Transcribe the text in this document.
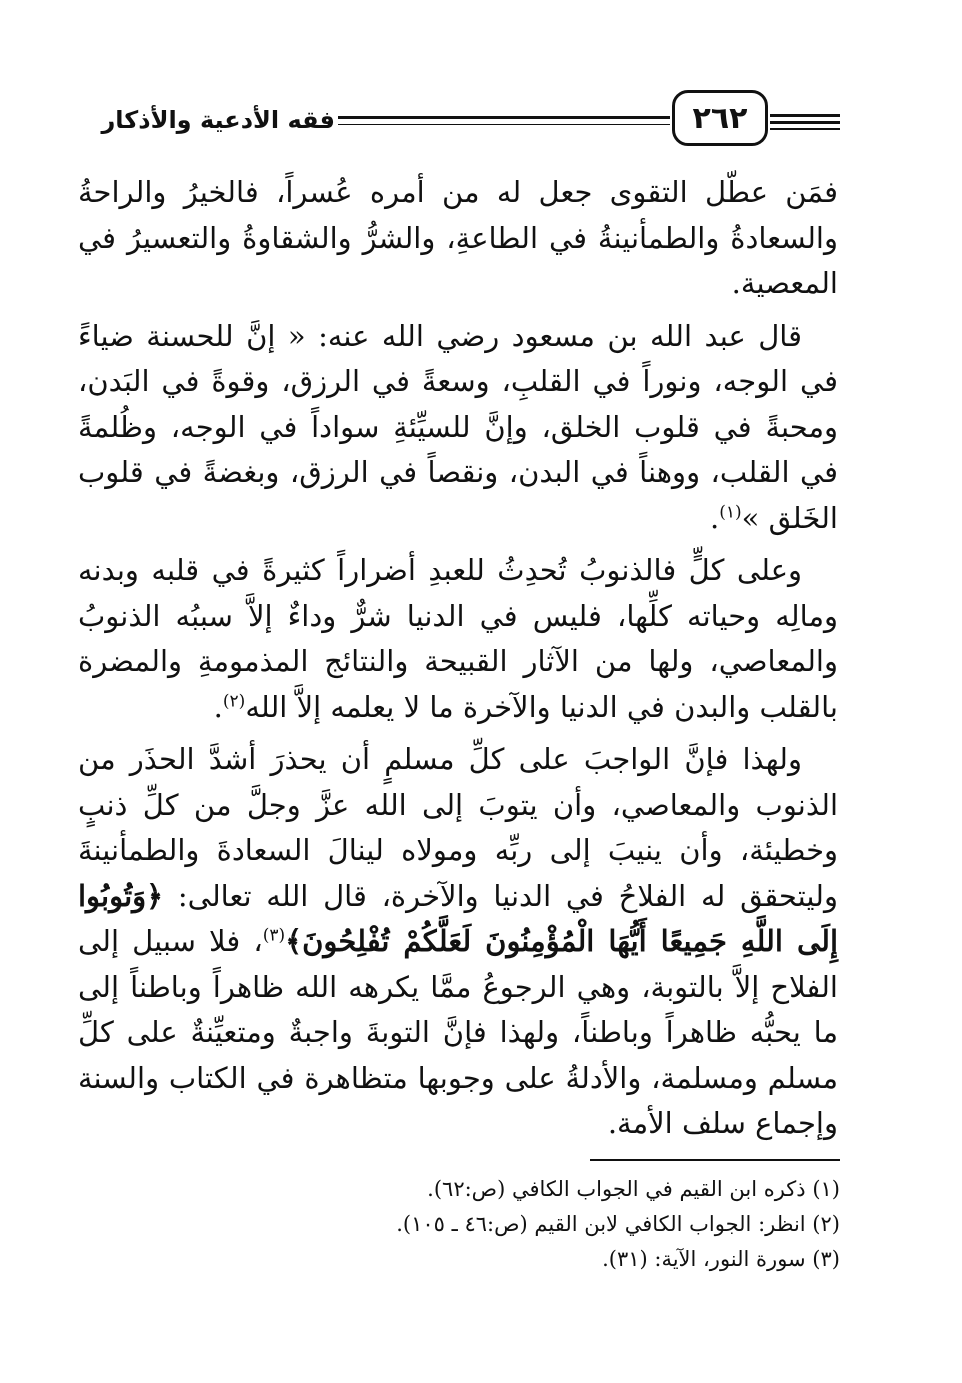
فقه الأدعية والأذكار	٢٦٢

فمَن عطّل التقوى جعل له من أمره عُسراً، فالخيرُ والراحةُ والسعادةُ والطمأنينةُ في الطاعةِ، والشرُّ والشقاوةُ والتعسيرُ في المعصية.

قال عبد الله بن مسعود رضي الله عنه: « إنَّ للحسنة ضياءً في الوجه، ونوراً في القلبِ، وسعةً في الرزق، وقوةً في البَدن، ومحبةً في قلوب الخلق، وإنَّ للسيِّئةِ سواداً في الوجه، وظُلمةً في القلب، ووهناً في البدن، ونقصاً في الرزق، وبغضةً في قلوب الخَلق »$^{(١)}$.

وعلى كلٍّ فالذنوبُ تُحدِثُ للعبدِ أضراراً كثيرةً في قلبه وبدنه ومالِه وحياته كلِّها، فليس في الدنيا شرٌّ وداءٌ إلاَّ سببُه الذنوبُ والمعاصي، ولها من الآثار القبيحة والنتائج المذمومةِ والمضرة بالقلب والبدن في الدنيا والآخرة ما لا يعلمه إلاَّ الله$^{(٢)}$.

ولهذا فإنَّ الواجبَ على كلِّ مسلمٍ أن يحذرَ أشدَّ الحذَر من الذنوب والمعاصي، وأن يتوبَ إلى الله عزَّ وجلَّ من كلِّ ذنبٍ وخطيئة، وأن ينيبَ إلى ربِّه ومولاه لينالَ السعادةَ والطمأنينةَ وليتحقق له الفلاحُ في الدنيا والآخرة، قال الله تعالى: ﴿وَتُوبُوا إِلَى اللَّهِ جَمِيعًا أَيُّهَا الْمُؤْمِنُونَ لَعَلَّكُمْ تُفْلِحُونَ﴾$^{(٣)}$، فلا سبيل إلى الفلاح إلاَّ بالتوبة، وهي الرجوعُ ممَّا يكرهه الله ظاهراً وباطناً إلى ما يحبُّه ظاهراً وباطناً، ولهذا فإنَّ التوبةَ واجبةٌ ومتعيِّنةٌ على كلِّ مسلم ومسلمة، والأدلةُ على وجوبها متظاهرة في الكتاب والسنة وإجماع سلف الأمة.

(١) ذكره ابن القيم في الجواب الكافي (ص:٦٢).

(٢) انظر: الجواب الكافي لابن القيم (ص:٤٦ ـ ١٠٥).

(٣) سورة النور، الآية: (٣١).
